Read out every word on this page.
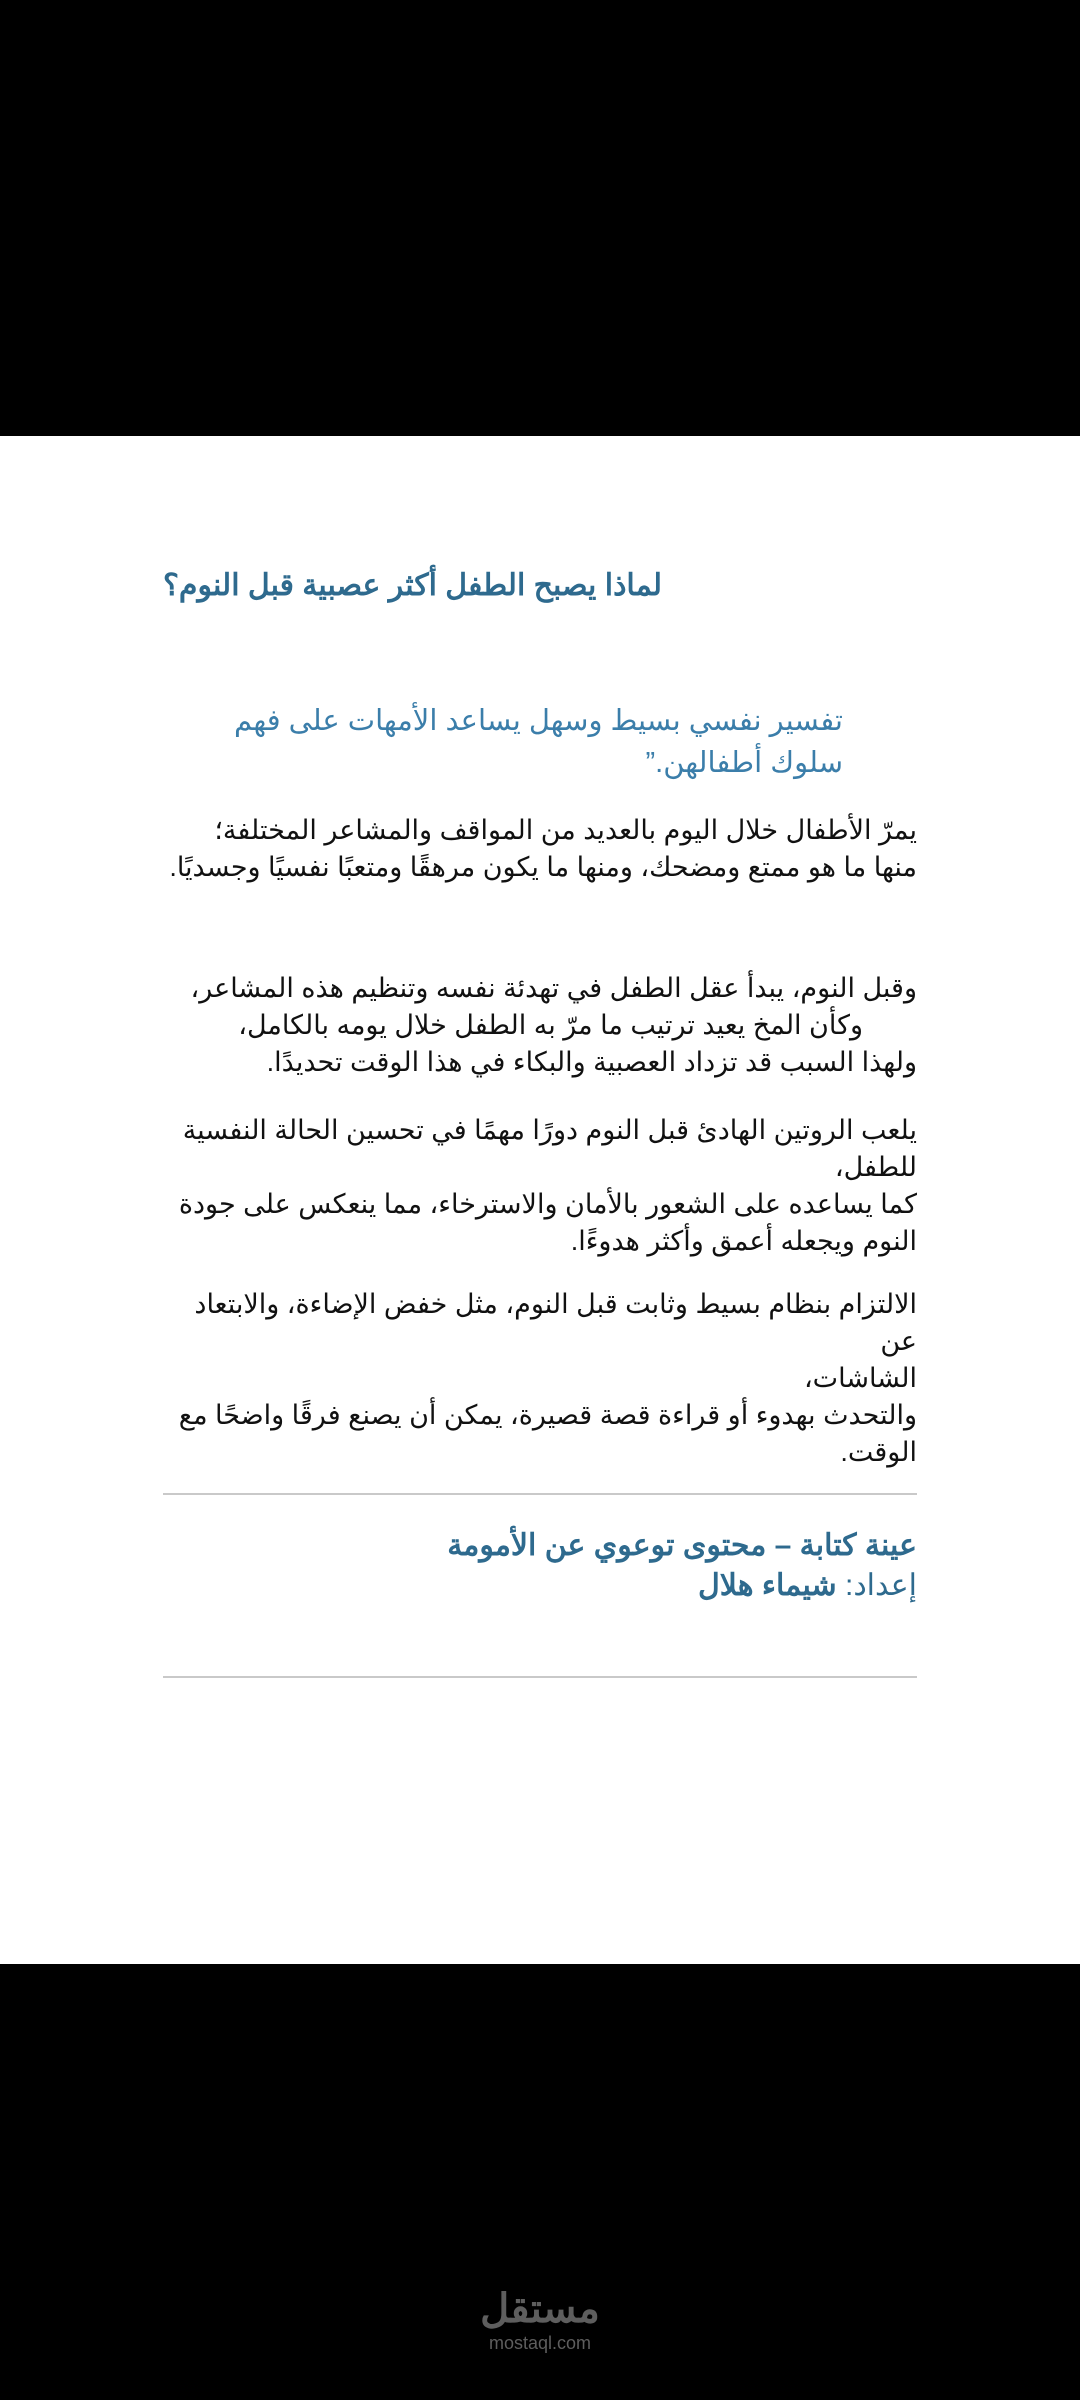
لماذا يصبح الطفل أكثر عصبية قبل النوم؟

تفسير نفسي بسيط وسهل يساعد الأمهات على فهم سلوك أطفالهن.”

يمرّ الأطفال خلال اليوم بالعديد من المواقف والمشاعر المختلفة؛
منها ما هو ممتع ومضحك، ومنها ما يكون مرهقًا ومتعبًا نفسيًا وجسديًا.

وقبل النوم، يبدأ عقل الطفل في تهدئة نفسه وتنظيم هذه المشاعر،
وكأن المخ يعيد ترتيب ما مرّ به الطفل خلال يومه بالكامل،
ولهذا السبب قد تزداد العصبية والبكاء في هذا الوقت تحديدًا.

يلعب الروتين الهادئ قبل النوم دورًا مهمًا في تحسين الحالة النفسية
للطفل،
كما يساعده على الشعور بالأمان والاسترخاء، مما ينعكس على جودة
النوم ويجعله أعمق وأكثر هدوءًا.

الالتزام بنظام بسيط وثابت قبل النوم، مثل خفض الإضاءة، والابتعاد عن
الشاشات،
والتحدث بهدوء أو قراءة قصة قصيرة، يمكن أن يصنع فرقًا واضحًا مع
الوقت.

عينة كتابة – محتوى توعوي عن الأمومة
إعداد: شيماء هلال
مستقل
mostaql.com
